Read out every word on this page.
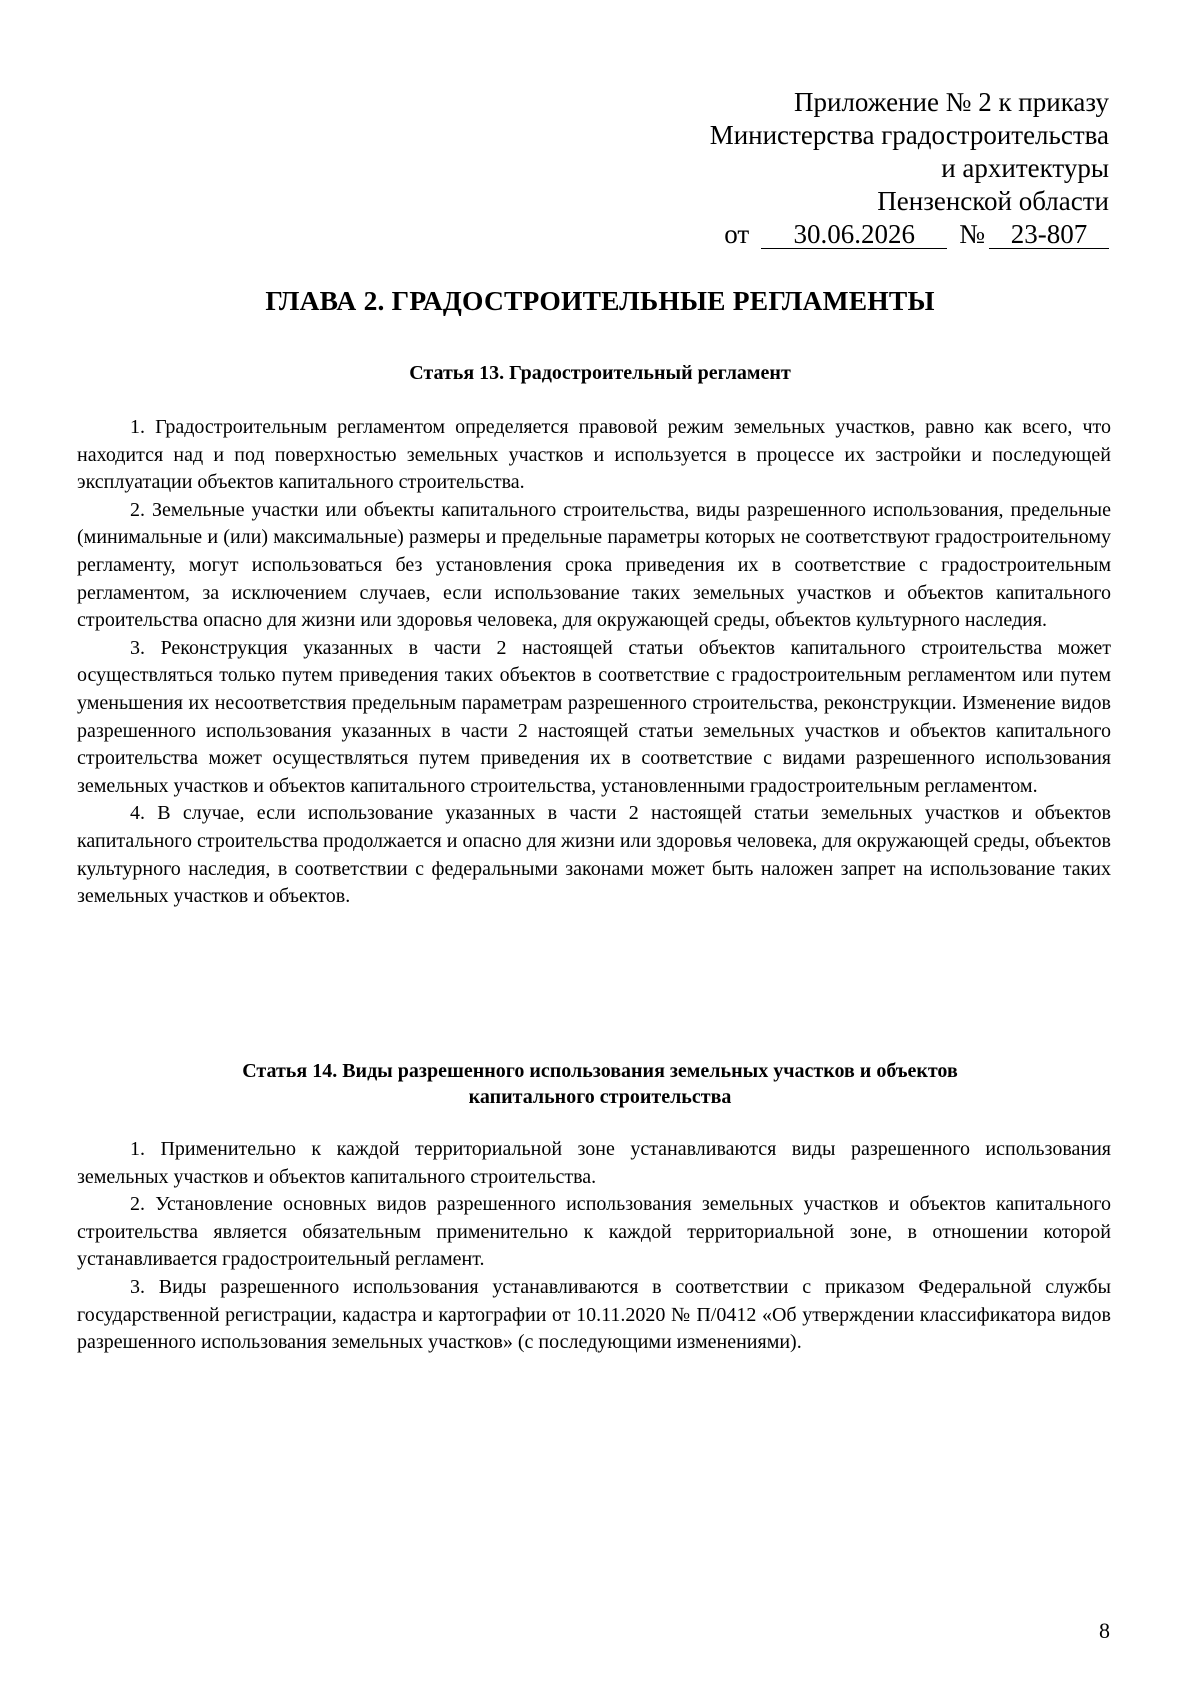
Приложение № 2 к приказу
Министерства градостроительства
и архитектуры
Пензенской области
от	30.06.2026	№ 23-807
ГЛАВА 2. ГРАДОСТРОИТЕЛЬНЫЕ РЕГЛАМЕНТЫ
Статья 13. Градостроительный регламент

1. Градостроительным регламентом определяется правовой режим земельных участков, равно как всего, что находится над и под поверхностью земельных участков и используется в процессе их застройки и последующей эксплуатации объектов капитального строительства.

2. Земельные участки или объекты капитального строительства, виды разрешенного использования, предельные (минимальные и (или) максимальные) размеры и предельные параметры которых не соответствуют градостроительному регламенту, могут использоваться без установления срока приведения их в соответствие с градостроительным регламентом, за исключением случаев, если использование таких земельных участков и объектов капитального строительства опасно для жизни или здоровья человека, для окружающей среды, объектов культурного наследия.

3. Реконструкция указанных в части 2 настоящей статьи объектов капитального строительства может осуществляться только путем приведения таких объектов в соответствие с градостроительным регламентом или путем уменьшения их несоответствия предельным параметрам разрешенного строительства, реконструкции. Изменение видов разрешенного использования указанных в части 2 настоящей статьи земельных участков и объектов капитального строительства может осуществляться путем приведения их в соответствие с видами разрешенного использования земельных участков и объектов капитального строительства, установленными градостроительным регламентом.

4. В случае, если использование указанных в части 2 настоящей статьи земельных участков и объектов капитального строительства продолжается и опасно для жизни или здоровья человека, для окружающей среды, объектов культурного наследия, в соответствии с федеральными законами может быть наложен запрет на использование таких земельных участков и объектов.

Статья 14. Виды разрешенного использования земельных участков и объектов
капитального строительства

1. Применительно к каждой территориальной зоне устанавливаются виды разрешенного использования земельных участков и объектов капитального строительства.

2. Установление основных видов разрешенного использования земельных участков и объектов капитального строительства является обязательным применительно к каждой территориальной зоне, в отношении которой устанавливается градостроительный регламент.

3. Виды разрешенного использования устанавливаются в соответствии с приказом Федеральной службы государственной регистрации, кадастра и картографии от 10.11.2020 № П/0412 «Об утверждении классификатора видов разрешенного использования земельных участков» (с последующими изменениями).

8
